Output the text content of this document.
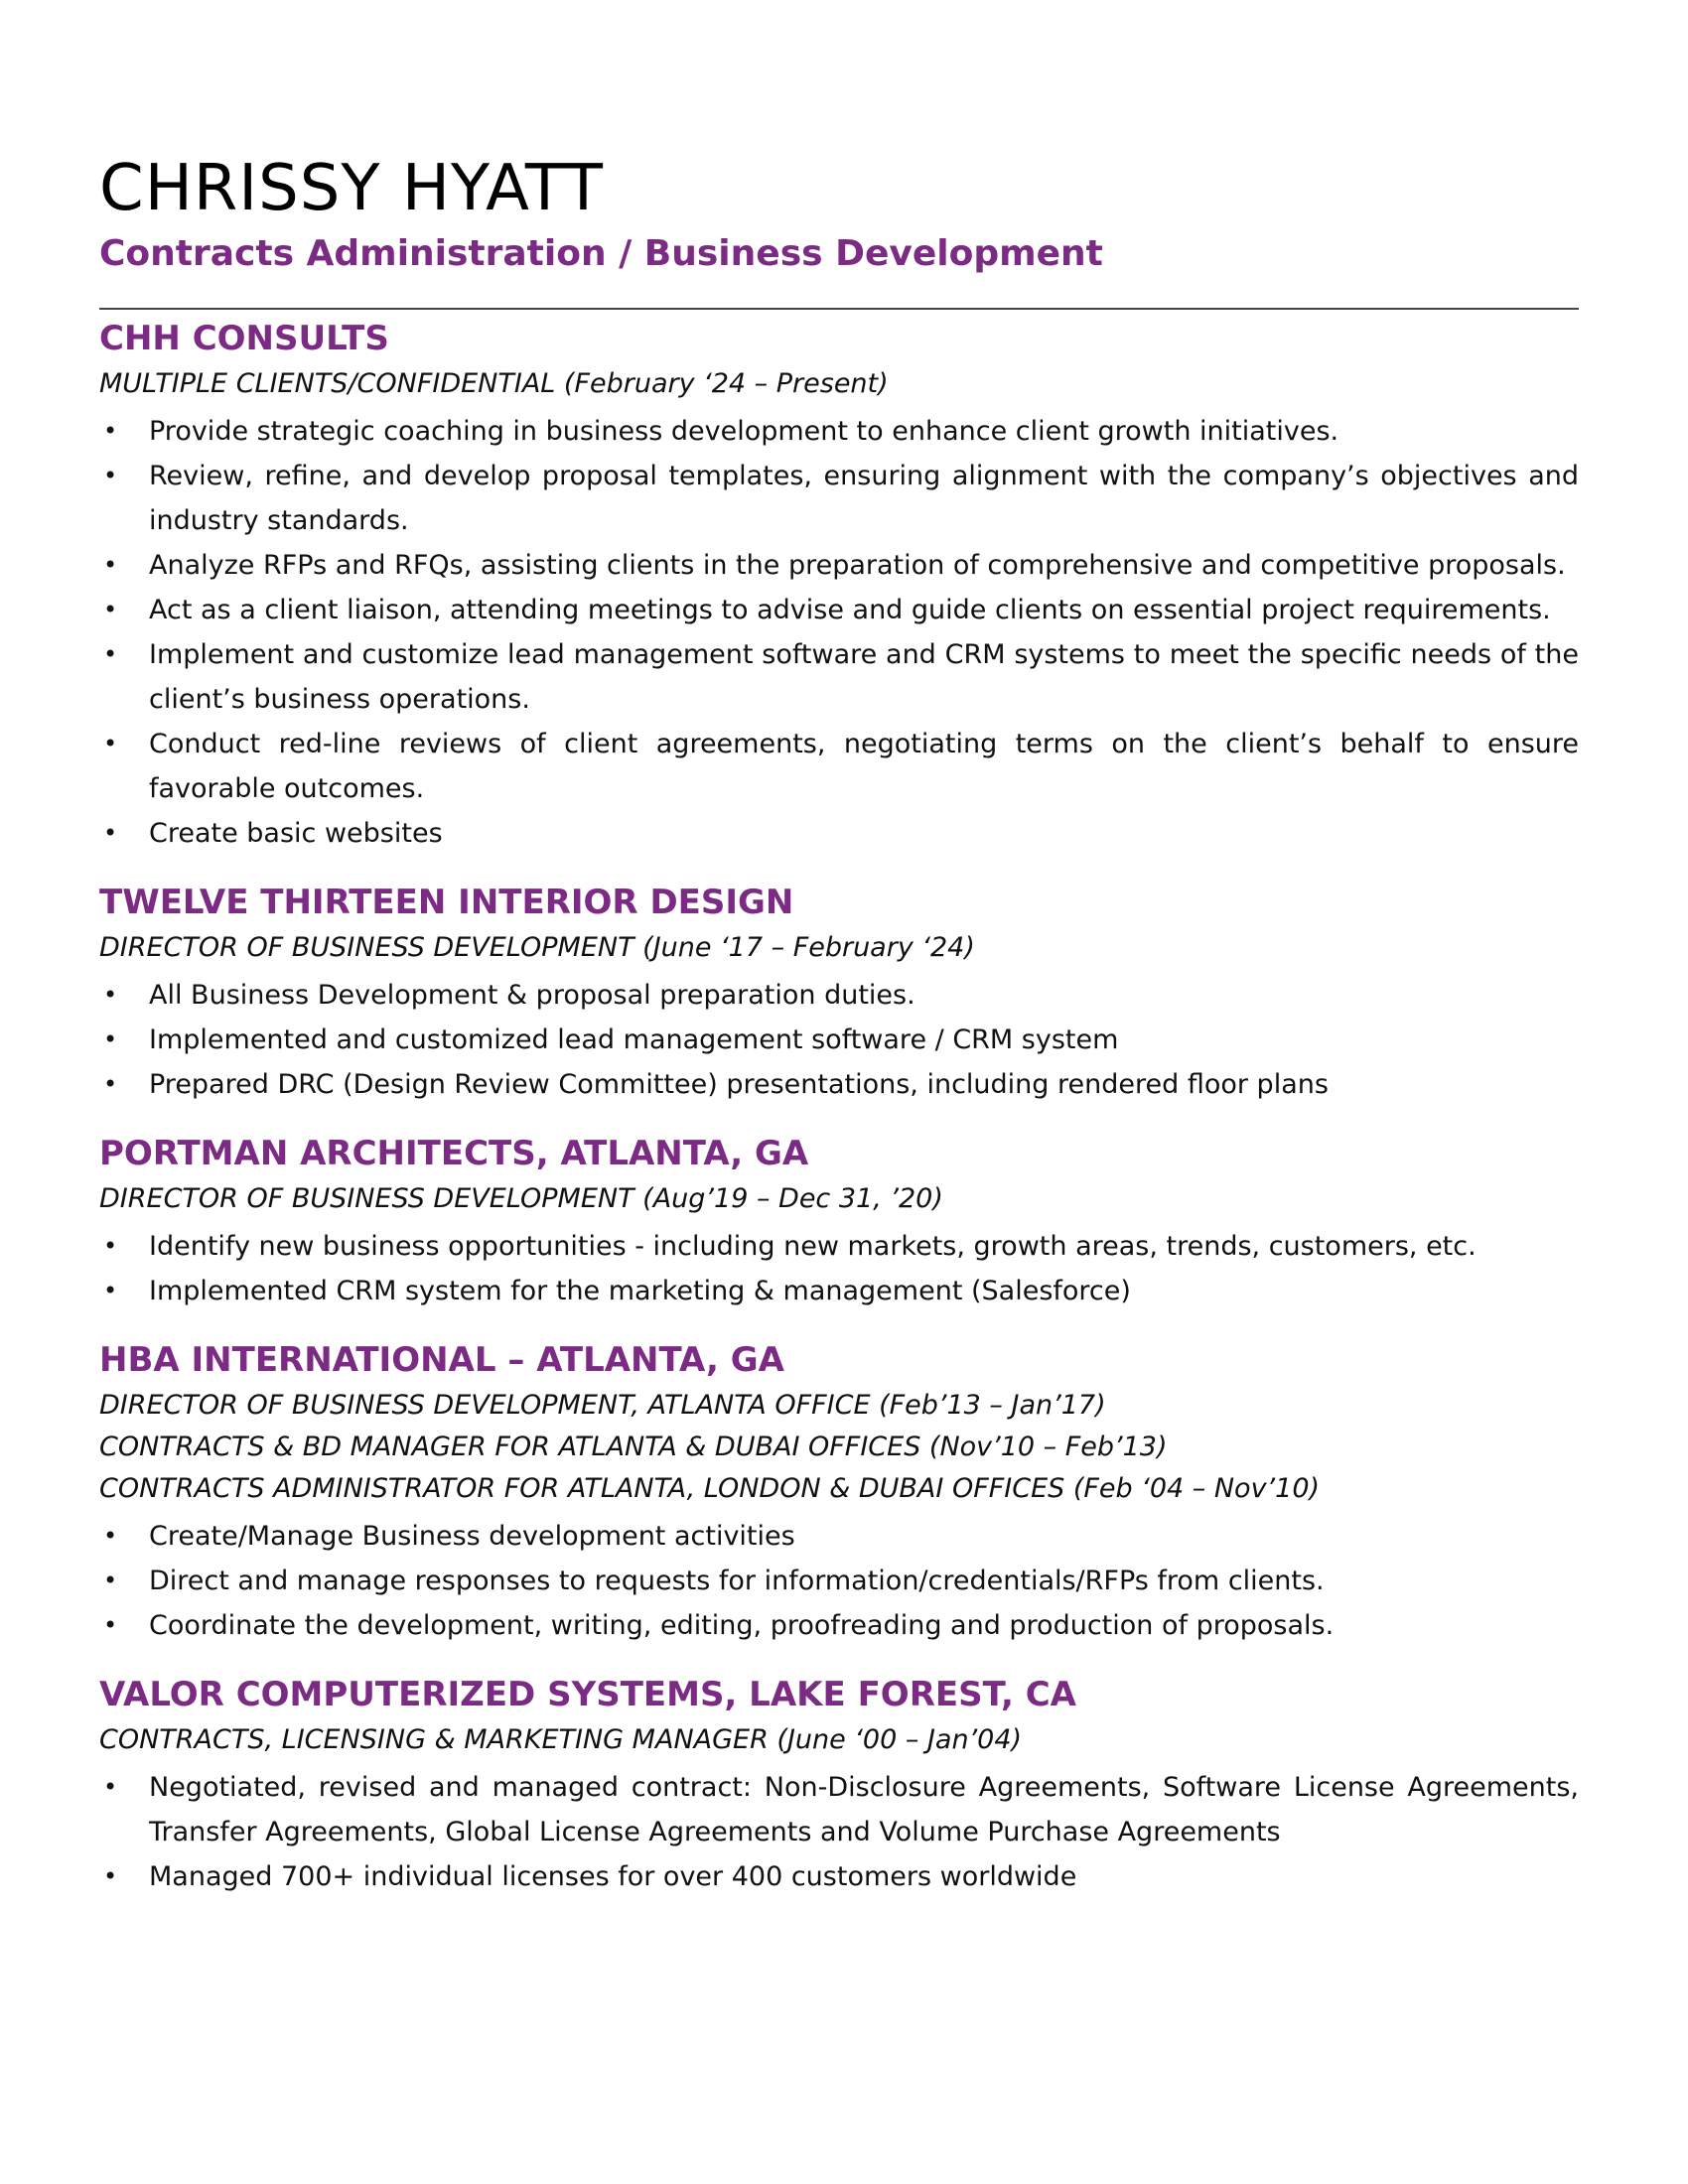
CHRISSY HYATT
Contracts Administration / Business Development
CHH CONSULTS

MULTIPLE CLIENTS/CONFIDENTIAL (February ‘24 – Present)

• Provide strategic coaching in business development to enhance client growth initiatives.
• Review, refine, and develop proposal templates, ensuring alignment with the company’s objectives and industry standards.
• Analyze RFPs and RFQs, assisting clients in the preparation of comprehensive and competitive proposals.
• Act as a client liaison, attending meetings to advise and guide clients on essential project requirements.
• Implement and customize lead management software and CRM systems to meet the specific needs of the client’s business operations.
• Conduct red-line reviews of client agreements, negotiating terms on the client’s behalf to ensure favorable outcomes.
• Create basic websites
TWELVE THIRTEEN INTERIOR DESIGN

DIRECTOR OF BUSINESS DEVELOPMENT (June ‘17 – February ‘24)

• All Business Development & proposal preparation duties.
• Implemented and customized lead management software / CRM system
• Prepared DRC (Design Review Committee) presentations, including rendered floor plans
PORTMAN ARCHITECTS, ATLANTA, GA

DIRECTOR OF BUSINESS DEVELOPMENT (Aug’19 – Dec 31, ’20)

• Identify new business opportunities - including new markets, growth areas, trends, customers, etc.
• Implemented CRM system for the marketing & management (Salesforce)
HBA INTERNATIONAL – ATLANTA, GA

DIRECTOR OF BUSINESS DEVELOPMENT, ATLANTA OFFICE (Feb’13 – Jan’17)

CONTRACTS & BD MANAGER FOR ATLANTA & DUBAI OFFICES (Nov’10 – Feb’13)

CONTRACTS ADMINISTRATOR FOR ATLANTA, LONDON & DUBAI OFFICES (Feb ‘04 – Nov’10)

• Create/Manage Business development activities
• Direct and manage responses to requests for information/credentials/RFPs from clients.
• Coordinate the development, writing, editing, proofreading and production of proposals.
VALOR COMPUTERIZED SYSTEMS, LAKE FOREST, CA

CONTRACTS, LICENSING & MARKETING MANAGER (June ‘00 – Jan’04)

• Negotiated, revised and managed contract: Non-Disclosure Agreements, Software License Agreements, Transfer Agreements, Global License Agreements and Volume Purchase Agreements
• Managed 700+ individual licenses for over 400 customers worldwide
